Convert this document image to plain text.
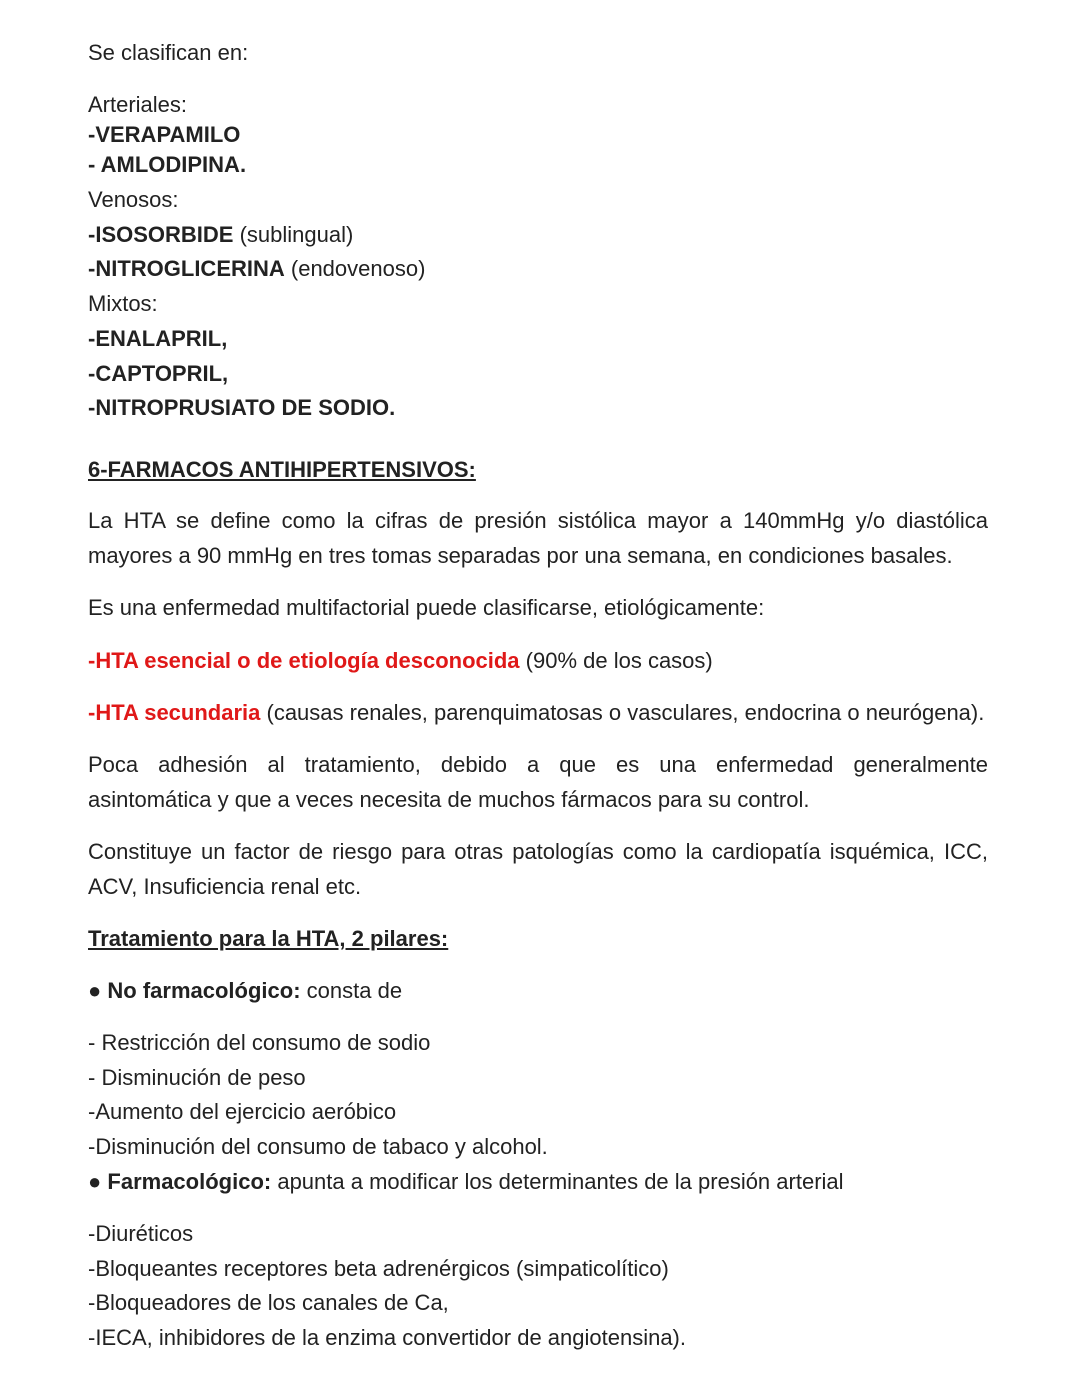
Se clasifican en:
Arteriales:
-VERAPAMILO
- AMLODIPINA.
Venosos:
-ISOSORBIDE (sublingual)
-NITROGLICERINA (endovenoso)
Mixtos:
-ENALAPRIL,
-CAPTOPRIL,
-NITROPRUSIATO DE SODIO.
6-FARMACOS ANTIHIPERTENSIVOS:
La HTA se define como la cifras de presión sistólica mayor a 140mmHg y/o diastólica
mayores a 90 mmHg en tres tomas separadas por una semana, en condiciones basales.
Es una enfermedad multifactorial puede clasificarse, etiológicamente:
-HTA esencial o de etiología desconocida (90% de los casos)
-HTA secundaria (causas renales, parenquimatosas o vasculares, endocrina o neurógena).
Poca adhesión al tratamiento, debido a que es una enfermedad generalmente
asintomática y que a veces necesita de muchos fármacos para su control.
Constituye un factor de riesgo para otras patologías como la cardiopatía isquémica, ICC,
ACV, Insuficiencia renal etc.
Tratamiento para la HTA, 2 pilares:
● No farmacológico: consta de
- Restricción del consumo de sodio
- Disminución de peso
-Aumento del ejercicio aeróbico
-Disminución del consumo de tabaco y alcohol.
● Farmacológico: apunta a modificar los determinantes de la presión arterial
-Diuréticos
-Bloqueantes receptores beta adrenérgicos (simpaticolítico)
-Bloqueadores de los canales de Ca,
-IECA, inhibidores de la enzima convertidor de angiotensina).
